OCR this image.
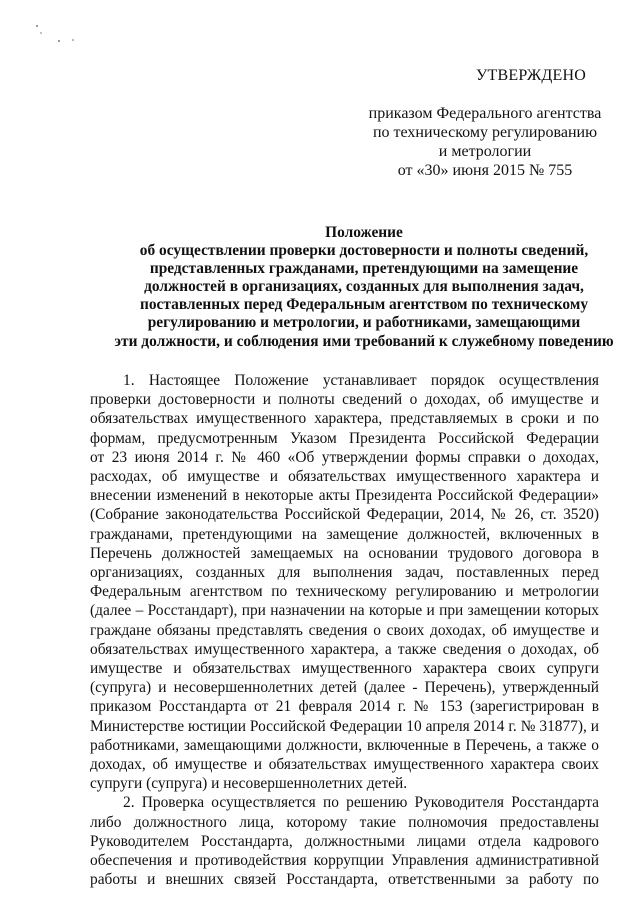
УТВЕРЖДЕНО
приказом Федерального агентства
по техническому регулированию
и метрологии
от «30» июня 2015 № 755
Положение
об осуществлении проверки достоверности и полноты сведений,
представленных гражданами, претендующими на замещение
должностей в организациях, созданных для выполнения задач,
поставленных перед Федеральным агентством по техническому
регулированию и метрологии, и работниками, замещающими
эти должности, и соблюдения ими требований к служебному поведению
1. Настоящее Положение устанавливает порядок осуществления
проверки достоверности и полноты сведений о доходах, об имуществе и
обязательствах имущественного характера, представляемых в сроки и по
формам, предусмотренным Указом Президента Российской Федерации
от 23 июня 2014 г. № 460 «Об утверждении формы справки о доходах,
расходах, об имуществе и обязательствах имущественного характера и
внесении изменений в некоторые акты Президента Российской Федерации»
(Собрание законодательства Российской Федерации, 2014, № 26, ст. 3520)
гражданами, претендующими на замещение должностей, включенных в
Перечень должностей замещаемых на основании трудового договора в
организациях, созданных для выполнения задач, поставленных перед
Федеральным агентством по техническому регулированию и метрологии
(далее – Росстандарт), при назначении на которые и при замещении которых
граждане обязаны представлять сведения о своих доходах, об имуществе и
обязательствах имущественного характера, а также сведения о доходах, об
имуществе и обязательствах имущественного характера своих супруги
(супруга) и несовершеннолетних детей (далее - Перечень), утвержденный
приказом Росстандарта от 21 февраля 2014 г. № 153 (зарегистрирован в
Министерстве юстиции Российской Федерации 10 апреля 2014 г. № 31877), и
работниками, замещающими должности, включенные в Перечень, а также о
доходах, об имуществе и обязательствах имущественного характера своих
супруги (супруга) и несовершеннолетних детей.
2. Проверка осуществляется по решению Руководителя Росстандарта
либо должностного лица, которому такие полномочия предоставлены
Руководителем Росстандарта, должностными лицами отдела кадрового
обеспечения и противодействия коррупции Управления административной
работы и внешних связей Росстандарта, ответственными за работу по
